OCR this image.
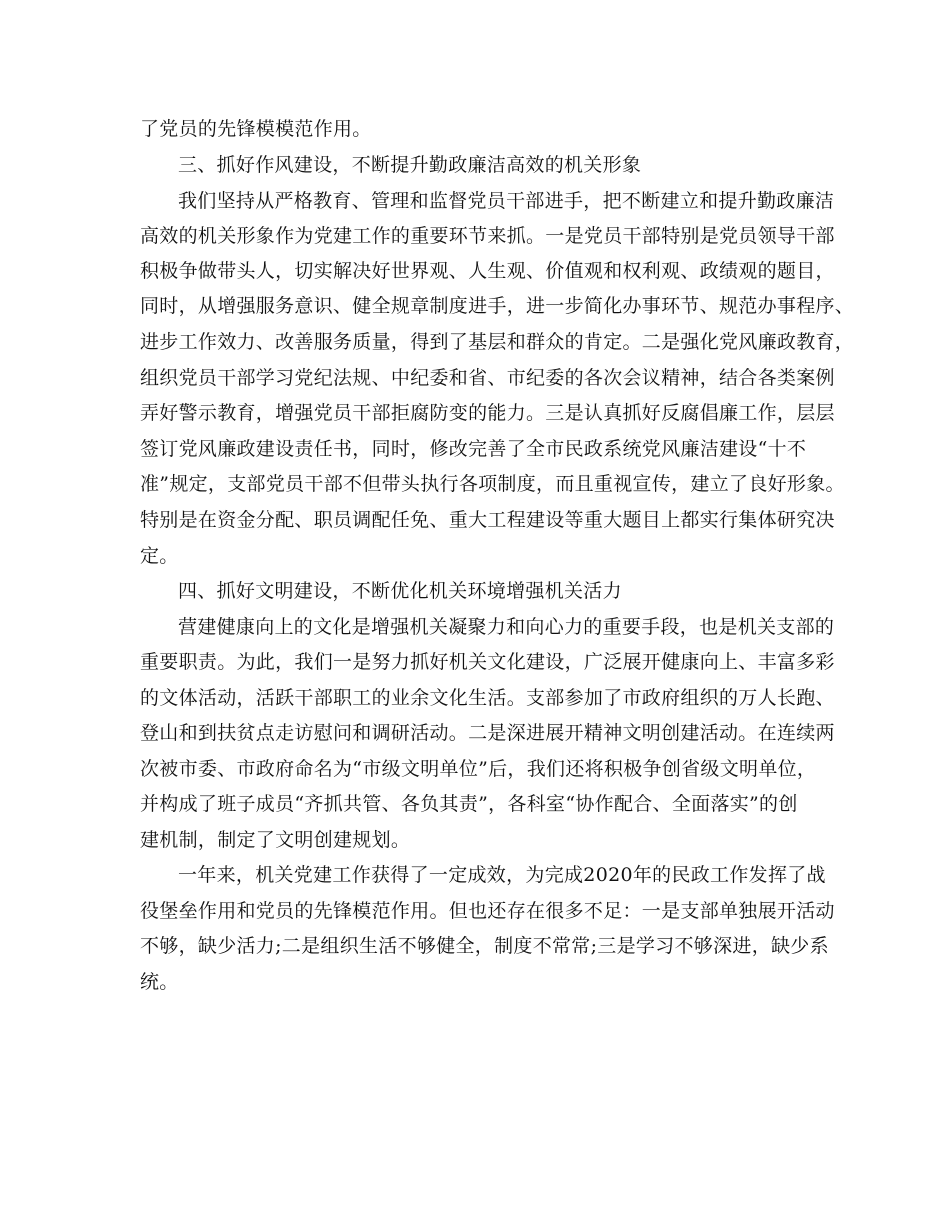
了党员的先锋模模范作用。
三、抓好作风建设，不断提升勤政廉洁高效的机关形象
我们坚持从严格教育、管理和监督党员干部进手，把不断建立和提升勤政廉洁
高效的机关形象作为党建工作的重要环节来抓。一是党员干部特别是党员领导干部
积极争做带头人，切实解决好世界观、人生观、价值观和权利观、政绩观的题目，
同时，从增强服务意识、健全规章制度进手，进一步简化办事环节、规范办事程序、
进步工作效力、改善服务质量，得到了基层和群众的肯定。二是强化党风廉政教育，
组织党员干部学习党纪法规、中纪委和省、市纪委的各次会议精神，结合各类案例
弄好警示教育，增强党员干部拒腐防变的能力。三是认真抓好反腐倡廉工作，层层
签订党风廉政建设责任书，同时，修改完善了全市民政系统党风廉洁建设“十不
准”规定，支部党员干部不但带头执行各项制度，而且重视宣传，建立了良好形象。
特别是在资金分配、职员调配任免、重大工程建设等重大题目上都实行集体研究决
定。
四、抓好文明建设，不断优化机关环境增强机关活力
营建健康向上的文化是增强机关凝聚力和向心力的重要手段，也是机关支部的
重要职责。为此，我们一是努力抓好机关文化建设，广泛展开健康向上、丰富多彩
的文体活动，活跃干部职工的业余文化生活。支部参加了市政府组织的万人长跑、
登山和到扶贫点走访慰问和调研活动。二是深进展开精神文明创建活动。在连续两
次被市委、市政府命名为“市级文明单位”后，我们还将积极争创省级文明单位，
并构成了班子成员“齐抓共管、各负其责”，各科室“协作配合、全面落实”的创
建机制，制定了文明创建规划。
一年来，机关党建工作获得了一定成效，为完成2020年的民政工作发挥了战
役堡垒作用和党员的先锋模范作用。但也还存在很多不足：一是支部单独展开活动
不够，缺少活力;二是组织生活不够健全，制度不常常;三是学习不够深进，缺少系
统。
